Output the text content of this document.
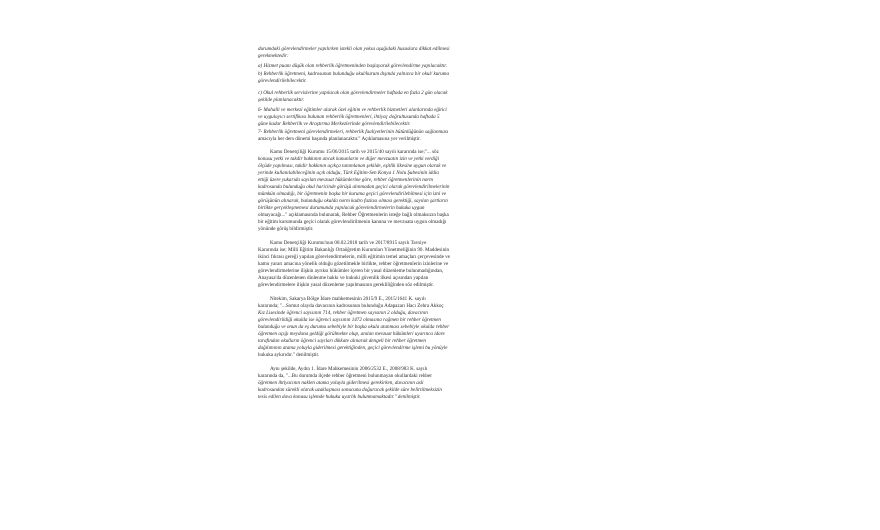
durumdaki görevlendirmeler yapılırken istekli olan yoksa aşağıdaki hususlara dikkat edilmesi
gerekmektedir:
a) Hizmet puanı düşük olan rehberlik öğretmeninden başlayarak görevlendirme yapılacaktır.
b) Rehberlik öğretmeni, kadrosunun bulunduğu okul/kurum dışında yalnızca bir okul/ kuruma
görevlendirilebilecektir.
c) Okul rehberlik servislerine yapılacak olan görevlendirmeler haftada en fazla 2 gün olacak
şekilde planlanacaktır.
6- Mahalli ve merkezi eğitimler alarak özel eğitim ve rehberlik hizmetleri alanlarında eğitici
ve uygulayıcı sertifikası bulunan rehberlik öğretmenleri, ihtiyaç doğrultusunda haftada 5
güne kadar Rehberlik ve Araştırma Merkezlerinde görevlendirilebilecektir.
7- Rehberlik öğretmeni görevlendirmeleri, rehberlik faaliyetlerinin bütünlüğünün sağlanması
amacıyla her ders dönemi başında planlanacaktır." Açıklamasına yer verilmiştir.
Kamu Denetçiliği Kurumu 15/06/2015 tarih ve 2015/40 sayılı kararında ise;"... söz
konusu yetki ve takdir hakkının ancak kanunların ve diğer mevzuatın izin ve yetki verdiği
ölçüde yapılması, takdir hakkının açıkça tanımlanan şekilde, eşitlik ilkesine uygun olarak ve
yerinde kullanılabileceğinin açık olduğu, Türk Eğitim-Sen Konya 1 Nolu Şubesinin iddia
ettiği üzere yukarıda sayılan mevzuat hükümlerine göre, rehber öğretmenlerinin norm
kadrosunda bulunduğu okul haricinde görüşü alınmadan geçici olarak görevlendirilmelerinin
mümkün olmadığı, bir öğretmenin başka bir kuruma geçici görevlendirilebilmesi için izni ve
görüşünün alınarak, bulunduğu okulda norm kadro fazlası olması gerektiği, sayılan şartların
birlikte gerçekleşmemesi durumunda yapılacak görevlendirmelerin hukuka uygun
olmayacağı..." açıklamasında bulunarak, Rehber Öğretmenlerin isteğe bağlı olmaksızın başka
bir eğitim kurumunda geçici olarak görevlendirilmenin kanuna ve mevzuata uygun olmadığı
yönünde görüş bildirmiştir.
Kamu Denetçiliği Kurumu'nun 08.02.2018 tarih ve 2017/8915 sayılı Tavsiye
Kararında ise; Milli Eğitim Bakanlığı Ortaöğretim Kurumları Yönetmeliğinin 90. Maddesinin
ikinci fıkrası gereği yapılan görevlendirmelerin, milli eğitimin temel amaçları çerçevesinde ve
kamu yararı amacına yönelik olduğu gözetilmekle birlikte, rehber öğretmenlerin izinlerine ve
görevlendirmelerine ilişkin ayrıksı hükümler içeren bir yasal düzenleme bulunmadığından,
Anayasa'da düzenlenen dinlenme hakkı ve hukuki güvenlik ilkesi açısından yapılan
görevlendirmelere ilişkin yasal düzenleme yapılmasının gerekliliğinden söz edilmiştir.
Nitekim, Sakarya Bölge İdare mahkemesinin 2015/9 E., 2015/1641 K. sayılı
kararında; "...Somut olayda davacının kadrosunun bulunduğu Adapazarı Hacı Zehra Akkoç
Kız Lisesinde öğrenci sayısının 714, rehber öğretmen sayısının 2 olduğu, davacının
görevlendirildiği okulda ise öğrenci sayısının 1472 olmasına rağmen bir rehber öğretmen
bulunduğu ve onun da eş durumu sebebiyle bir başka okula atanması sebebiyle okulda rehber
öğretmen açığı meydana geldiği görülmekte olup, anılan mevzuat hükümleri uyarınca idare
tarafından okulların öğrenci sayıları dikkate alınarak dengeli bir rehber öğretmen
dağılımının atama yoluyla giderilmesi gerektiğinden, geçici görevlendirme işlemi bu yönüyle
hukuka aykırıdır." denilmiştir.
Aynı şekilde, Aydın 1. İdare Mahkemesinin 2006/2532 E., 2008/983 K. sayılı
kararında da, "...Bu durumda ilçede rehber öğretmeni bulunmayan okullardaki rehber
öğretmen ihtiyacının naklen atama yoluyla giderilmesi gerekirken, davacının asli
kadrosundan sürekli olarak uzaklaşması sonucunu doğuracak şekilde süre belirtilmeksizin
tesis edilen dava konusu işlemde hukuka uyarlık bulunmamaktadır." denilmiştir.
